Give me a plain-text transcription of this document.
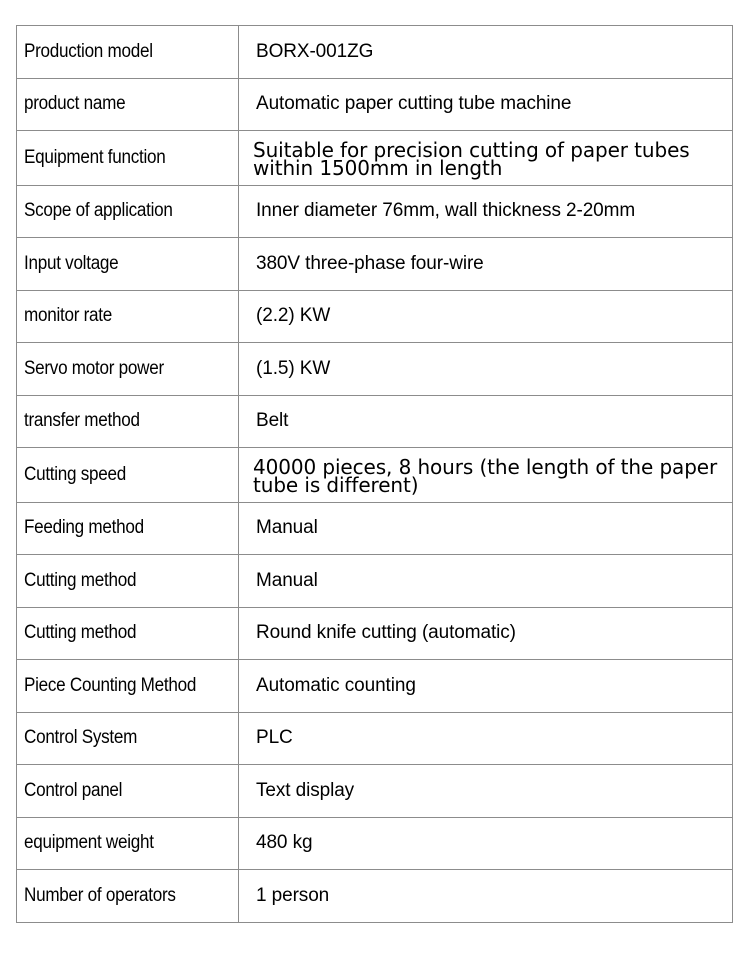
Production model	BORX-001ZG
product name	Automatic paper cutting tube machine
Equipment function	Suitable for precision cutting of paper tubes within 1500mm in length
Scope of application	Inner diameter 76mm, wall thickness 2-20mm
Input voltage	380V three-phase four-wire
monitor rate	(2.2) KW
Servo motor power	(1.5) KW
transfer method	Belt
Cutting speed	40000 pieces, 8 hours (the length of the paper tube is different)
Feeding method	Manual
Cutting method	Manual
Cutting method	Round knife cutting (automatic)
Piece Counting Method	Automatic counting
Control System	PLC
Control panel	Text display
equipment weight	480 kg
Number of operators	1 person
